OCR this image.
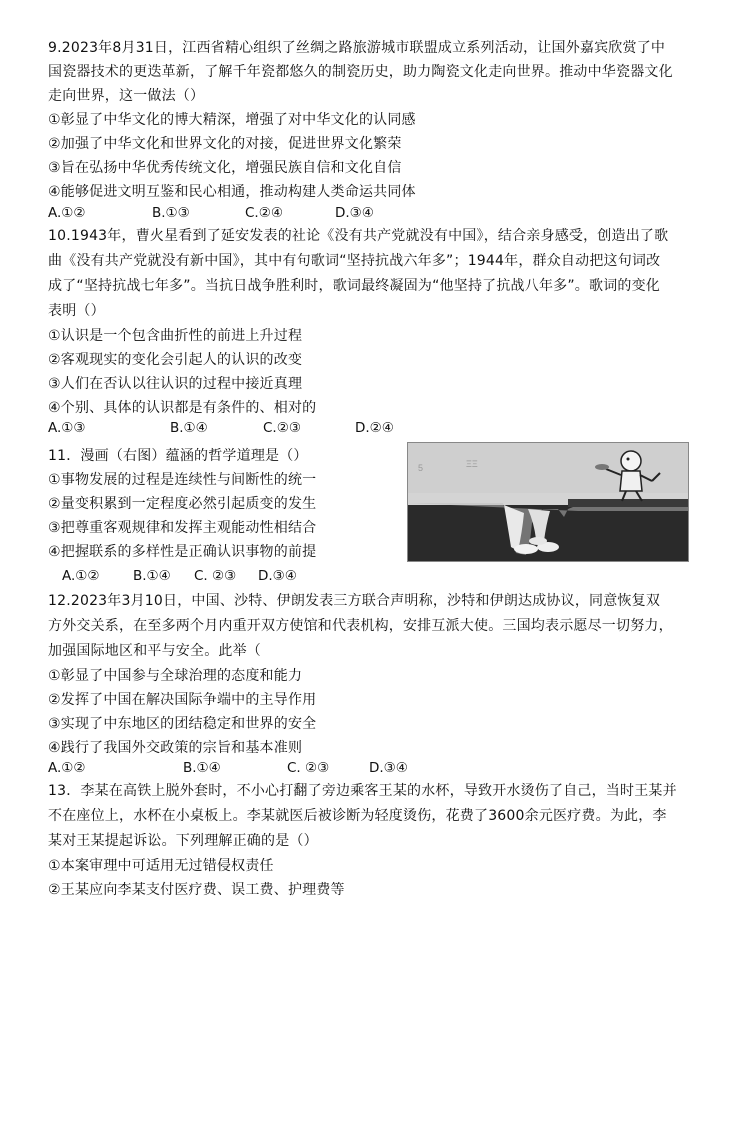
9.2023年8月31日，江西省精心组织了丝绸之路旅游城市联盟成立系列活动，让国外嘉宾欣赏了中
国瓷器技术的更迭革新，了解千年瓷都悠久的制瓷历史，助力陶瓷文化走向世界。推动中华瓷器文化
走向世界，这一做法（）
①彰显了中华文化的博大精深，增强了对中华文化的认同感
②加强了中华文化和世界文化的对接，促进世界文化繁荣
③旨在弘扬中华优秀传统文化，增强民族自信和文化自信
④能够促进文明互鉴和民心相通，推动构建人类命运共同体
A.①②	B.①③	C.②④	D.③④
10.1943年，曹火星看到了延安发表的社论《没有共产党就没有中国》，结合亲身感受，创造出了歌
曲《没有共产党就没有新中国》，其中有句歌词“坚持抗战六年多”；1944年，群众自动把这句词改
成了“坚持抗战七年多”。当抗日战争胜利时，歌词最终凝固为“他坚持了抗战八年多”。歌词的变化
表明（）
①认识是一个包含曲折性的前进上升过程
②客观现实的变化会引起人的认识的改变
③人们在否认以往认识的过程中接近真理
④个别、具体的认识都是有条件的、相对的
A.①③	B.①④	C.②③	D.②④
11．漫画（右图）蕴涵的哲学道理是（）
①事物发展的过程是连续性与间断性的统一
②量变积累到一定程度必然引起质变的发生
③把尊重客观规律和发挥主观能动性相结合
④把握联系的多样性是正确认识事物的前提
A.①② B.①④ C. ②③ D.③④
5	ΞΞ
12.2023年3月10日，中国、沙特、伊朗发表三方联合声明称，沙特和伊朗达成协议，同意恢复双
方外交关系，在至多两个月内重开双方使馆和代表机构，安排互派大使。三国均表示愿尽一切努力，
加强国际地区和平与安全。此举（
①彰显了中国参与全球治理的态度和能力
②发挥了中国在解决国际争端中的主导作用
③实现了中东地区的团结稳定和世界的安全
④践行了我国外交政策的宗旨和基本准则
A.①②	B.①④	C. ②③	D.③④
13．李某在高铁上脱外套时，不小心打翻了旁边乘客王某的水杯，导致开水烫伤了自己，当时王某并
不在座位上，水杯在小桌板上。李某就医后被诊断为轻度烫伤，花费了3600余元医疗费。为此，李
某对王某提起诉讼。下列理解正确的是（）
①本案审理中可适用无过错侵权责任
②王某应向李某支付医疗费、误工费、护理费等
